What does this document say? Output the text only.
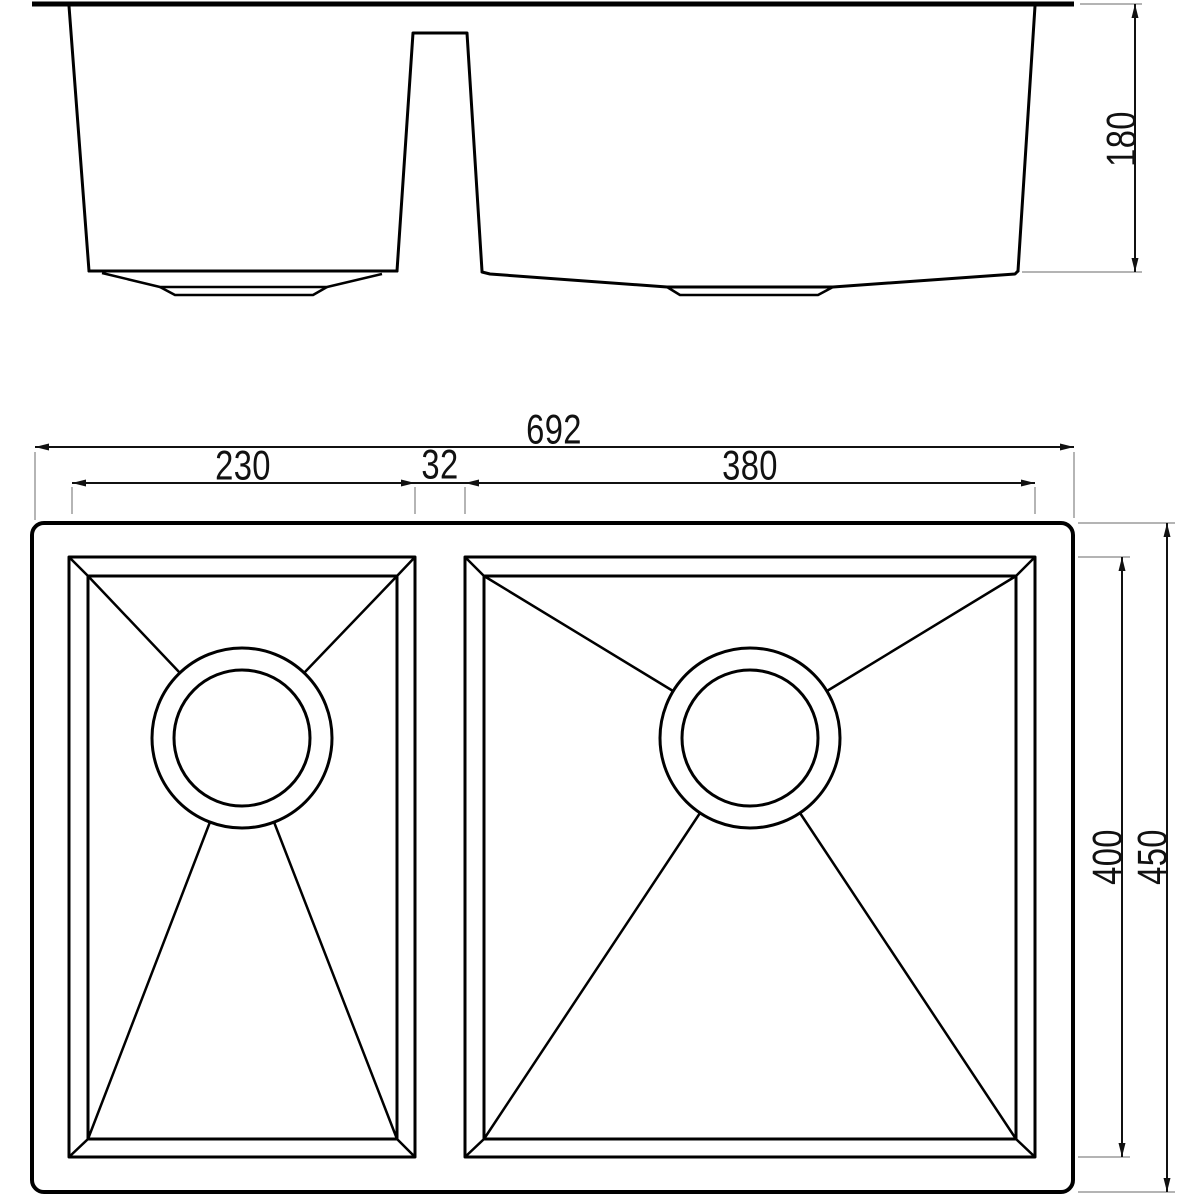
180
692
230	32	380
400
450
